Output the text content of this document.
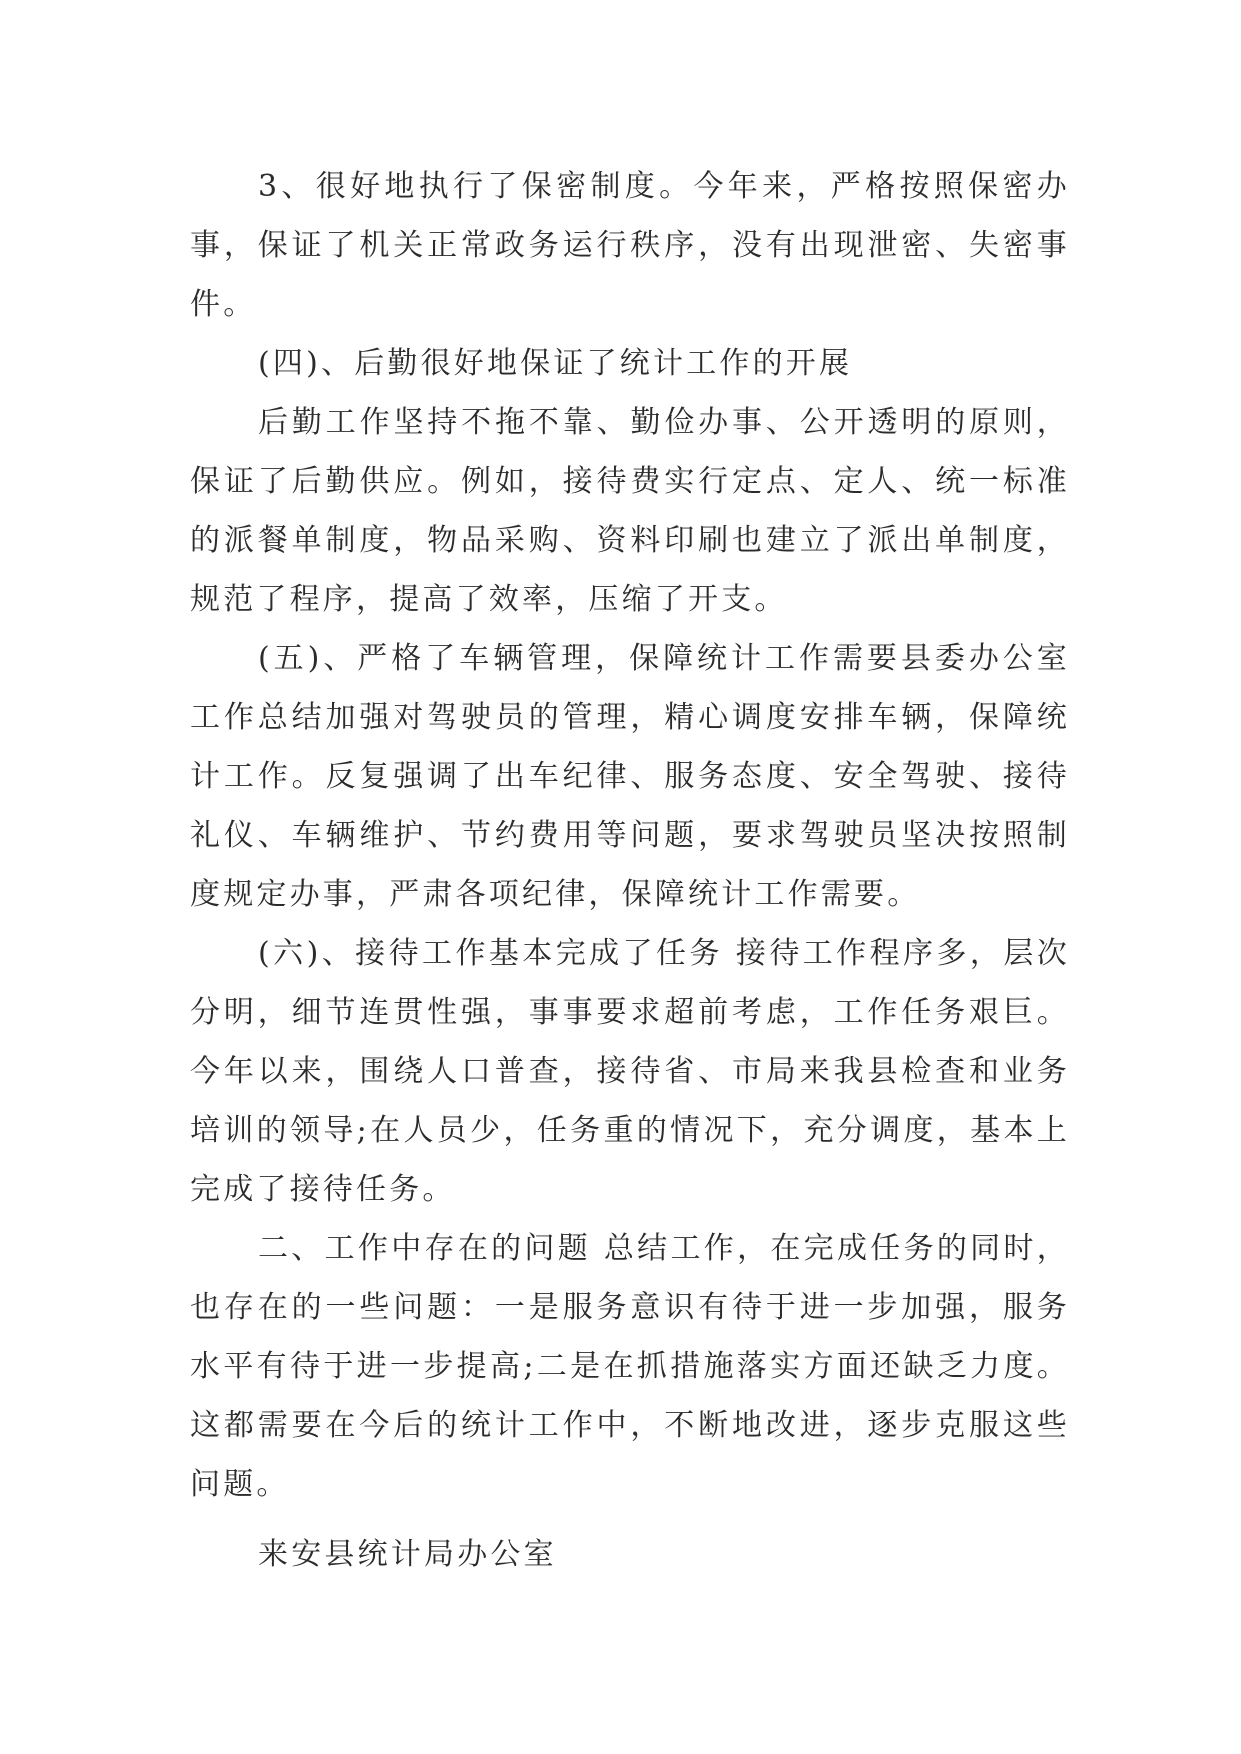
3、很好地执行了保密制度。今年来，严格按照保密办事，保证了机关正常政务运行秩序，没有出现泄密、失密事件。

(四)、后勤很好地保证了统计工作的开展

后勤工作坚持不拖不靠、勤俭办事、公开透明的原则，保证了后勤供应。例如，接待费实行定点、定人、统一标准的派餐单制度，物品采购、资料印刷也建立了派出单制度，规范了程序，提高了效率，压缩了开支。

(五)、严格了车辆管理，保障统计工作需要县委办公室工作总结加强对驾驶员的管理，精心调度安排车辆，保障统计工作。反复强调了出车纪律、服务态度、安全驾驶、接待礼仪、车辆维护、节约费用等问题，要求驾驶员坚决按照制度规定办事，严肃各项纪律，保障统计工作需要。

(六)、接待工作基本完成了任务 接待工作程序多，层次分明，细节连贯性强，事事要求超前考虑，工作任务艰巨。今年以来，围绕人口普查，接待省、市局来我县检查和业务培训的领导;在人员少，任务重的情况下，充分调度，基本上完成了接待任务。

二、工作中存在的问题 总结工作，在完成任务的同时，也存在的一些问题：一是服务意识有待于进一步加强，服务水平有待于进一步提高;二是在抓措施落实方面还缺乏力度。这都需要在今后的统计工作中，不断地改进，逐步克服这些问题。

来安县统计局办公室
